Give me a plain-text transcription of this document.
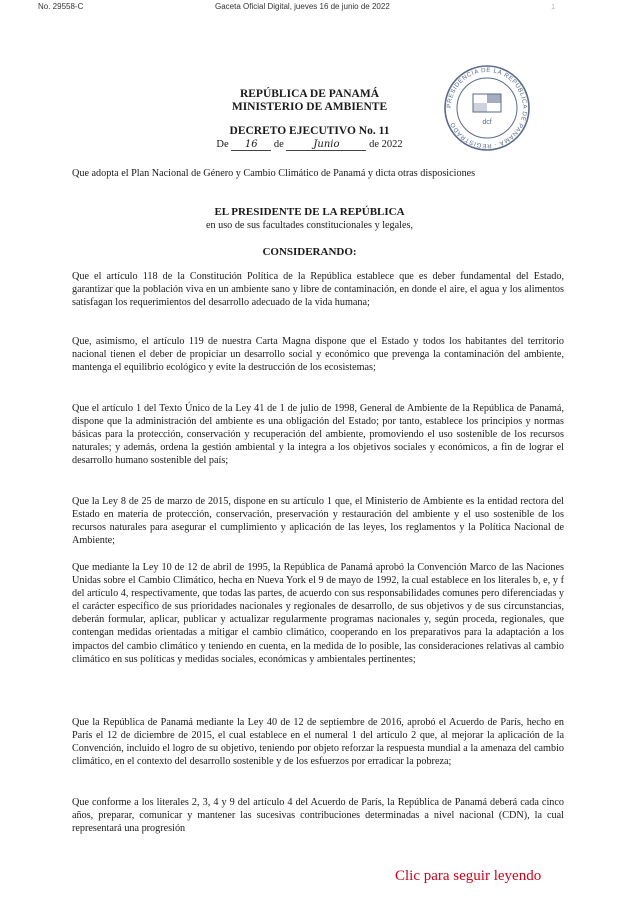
No. 29558-C	Gaceta Oficial Digital, jueves 16 de junio de 2022	1
PRESIDENCIA DE LA REPÚBLICA DE PANAMÁ · REGISTRADO	dcf
REPÚBLICA DE PANAMÁ
MINISTERIO DE AMBIENTE
DECRETO EJECUTIVO No. 11
De 16 de	Junio	de 2022
Que adopta el Plan Nacional de Género y Cambio Climático de Panamá y dicta otras disposiciones
EL PRESIDENTE DE LA REPÚBLICA
en uso de sus facultades constitucionales y legales,
CONSIDERANDO:
Que el artículo 118 de la Constitución Política de la República establece que es deber fundamental del Estado, garantizar que la población viva en un ambiente sano y libre de contaminación, en donde el aire, el agua y los alimentos satisfagan los requerimientos del desarrollo adecuado de la vida humana;
Que, asimismo, el artículo 119 de nuestra Carta Magna dispone que el Estado y todos los habitantes del territorio nacional tienen el deber de propiciar un desarrollo social y económico que prevenga la contaminación del ambiente, mantenga el equilibrio ecológico y evite la destrucción de los ecosistemas;
Que el artículo 1 del Texto Único de la Ley 41 de 1 de julio de 1998, General de Ambiente de la República de Panamá, dispone que la administración del ambiente es una obligación del Estado; por tanto, establece los principios y normas básicas para la protección, conservación y recuperación del ambiente, promoviendo el uso sostenible de los recursos naturales; y además, ordena la gestión ambiental y la integra a los objetivos sociales y económicos, a fin de lograr el desarrollo humano sostenible del país;
Que la Ley 8 de 25 de marzo de 2015, dispone en su artículo 1 que, el Ministerio de Ambiente es la entidad rectora del Estado en materia de protección, conservación, preservación y restauración del ambiente y el uso sostenible de los recursos naturales para asegurar el cumplimiento y aplicación de las leyes, los reglamentos y la Política Nacional de Ambiente;
Que mediante la Ley 10 de 12 de abril de 1995, la República de Panamá aprobó la Convención Marco de las Naciones Unidas sobre el Cambio Climático, hecha en Nueva York el 9 de mayo de 1992, la cual establece en los literales b, e, y f del artículo 4, respectivamente, que todas las partes, de acuerdo con sus responsabilidades comunes pero diferenciadas y el carácter específico de sus prioridades nacionales y regionales de desarrollo, de sus objetivos y de sus circunstancias, deberán formular, aplicar, publicar y actualizar regularmente programas nacionales y, según proceda, regionales, que contengan medidas orientadas a mitigar el cambio climático, cooperando en los preparativos para la adaptación a los impactos del cambio climático y teniendo en cuenta, en la medida de lo posible, las consideraciones relativas al cambio climático en sus políticas y medidas sociales, económicas y ambientales pertinentes;
Que la República de Panamá mediante la Ley 40 de 12 de septiembre de 2016, aprobó el Acuerdo de París, hecho en París el 12 de diciembre de 2015, el cual establece en el numeral 1 del artículo 2 que, al mejorar la aplicación de la Convención, incluido el logro de su objetivo, teniendo por objeto reforzar la respuesta mundial a la amenaza del cambio climático, en el contexto del desarrollo sostenible y de los esfuerzos por erradicar la pobreza;
Que conforme a los literales 2, 3, 4 y 9 del artículo 4 del Acuerdo de París, la República de Panamá deberá cada cinco años, preparar, comunicar y mantener las sucesivas contribuciones determinadas a nivel nacional (CDN), la cual representará una progresión
Clic para seguir leyendo
